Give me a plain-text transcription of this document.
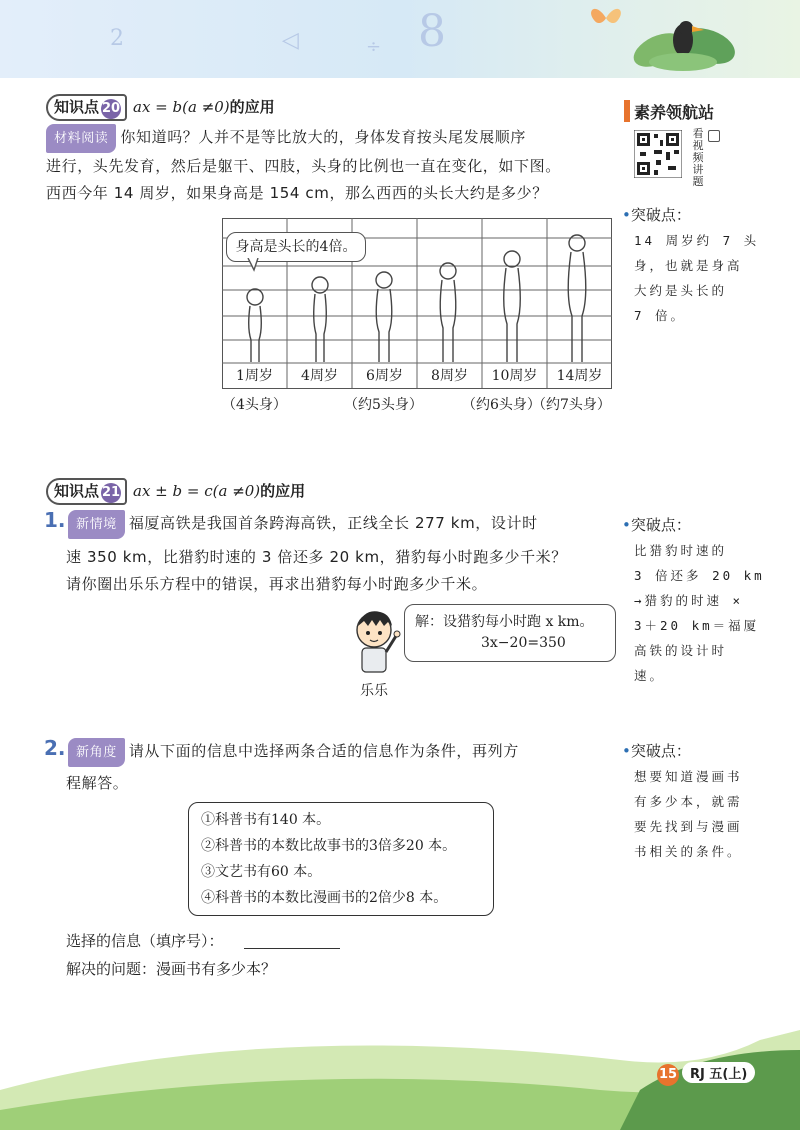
2	◁	÷ 8
知识点 20 ax = b(a ≠0)的应用	素养领航站
看
视
频
讲
题
•突破点：
14 周岁约 7 头
身，也就是身高
大约是头长的
7 倍。
材料阅读 你知道吗？人并不是等比放大的，身体发育按头尾发展顺序
进行，头先发育，然后是躯干、四肢，头身的比例也一直在变化，如下图。
西西今年 14 周岁，如果身高是 154 cm，那么西西的头长大约是多少？
1周岁	4周岁	6周岁	8周岁	10周岁	14周岁
身高是头长的4倍。
（4头身）	（约5头身）	（约6头身）
（约7头身）
知识点 21 ax ± b = c(a ≠0)的应用
1. 新情境 福厦高铁是我国首条跨海高铁，正线全长 277 km，设计时
速 350 km，比猎豹时速的 3 倍还多 20 km，猎豹每小时跑多少千米？
请你圈出乐乐方程中的错误，再求出猎豹每小时跑多少千米。
•突破点：
比猎豹时速的
3 倍还多 20 km
→猎豹的时速 ×
3＋20 km＝福厦
高铁的设计时
速。
乐乐
解：设猎豹每小时跑 x km。
3x−20=350
2. 新角度 请从下面的信息中选择两条合适的信息作为条件，再列方
程解答。
•突破点：
想要知道漫画书
有多少本，就需
要先找到与漫画
书相关的条件。
①科普书有140 本。
②科普书的本数比故事书的3倍多20 本。
③文艺书有60 本。
④科普书的本数比漫画书的2倍少8 本。
选择的信息（填序号）：
解决的问题：漫画书有多少本？
15 RJ 五(上)
